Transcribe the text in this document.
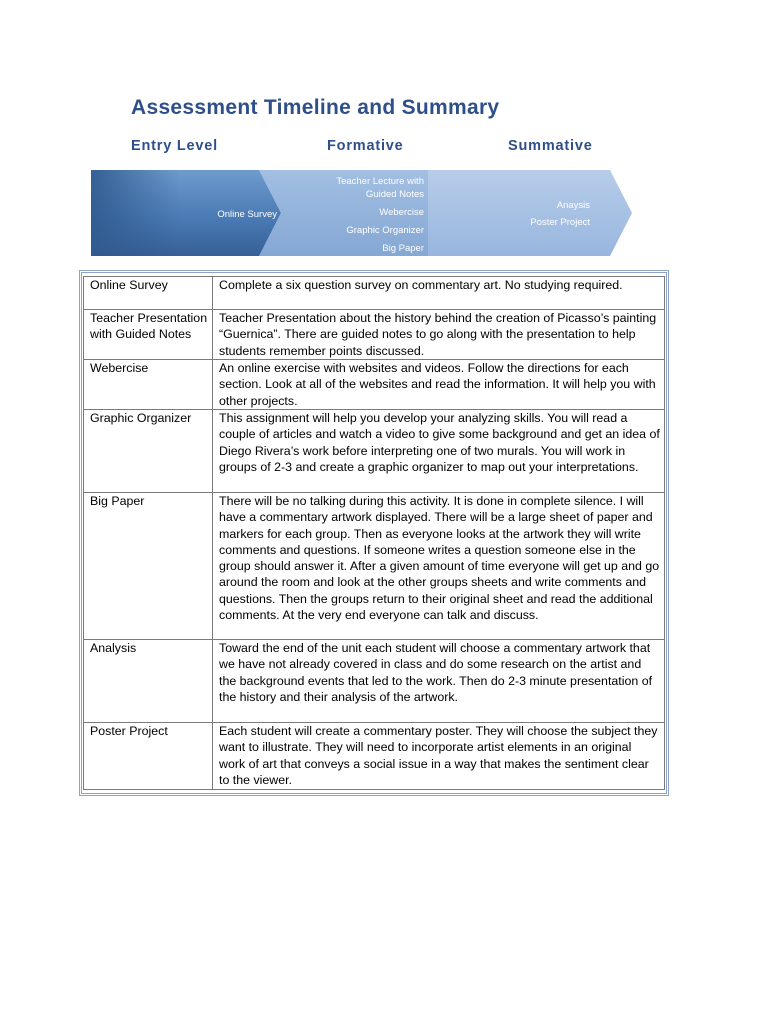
Assessment Timeline and Summary
Entry Level	Formative	Summative
Online Survey
Teacher Lecture with
Guided Notes
Webercise
Graphic Organizer
Big Paper
Anaysis
Poster Project
Online Survey	Complete a six question survey on commentary art. No studying required.
Teacher Presentation with Guided Notes	Teacher Presentation about the history behind the creation of Picasso’s painting “Guernica”. There are guided notes to go along with the presentation to help students remember points discussed.
Webercise	An online exercise with websites and videos. Follow the directions for each section. Look at all of the websites and read the information. It will help you with other projects.
Graphic Organizer	This assignment will help you develop your analyzing skills. You will read a couple of articles and watch a video to give some background and get an idea of Diego Rivera’s work before interpreting one of two murals. You will work in groups of 2-3 and create a graphic organizer to map out your interpretations.
Big Paper	There will be no talking during this activity. It is done in complete silence. I will have a commentary artwork displayed. There will be a large sheet of paper and markers for each group. Then as everyone looks at the artwork they will write comments and questions. If someone writes a question someone else in the group should answer it. After a given amount of time everyone will get up and go around the room and look at the other groups sheets and write comments and questions. Then the groups return to their original sheet and read the additional comments. At the very end everyone can talk and discuss.
Analysis	Toward the end of the unit each student will choose a commentary artwork that we have not already covered in class and do some research on the artist and the background events that led to the work. Then do 2-3 minute presentation of the history and their analysis of the artwork.
Poster Project	Each student will create a commentary poster. They will choose the subject they want to illustrate. They will need to incorporate artist elements in an original work of art that conveys a social issue in a way that makes the sentiment clear to the viewer.
